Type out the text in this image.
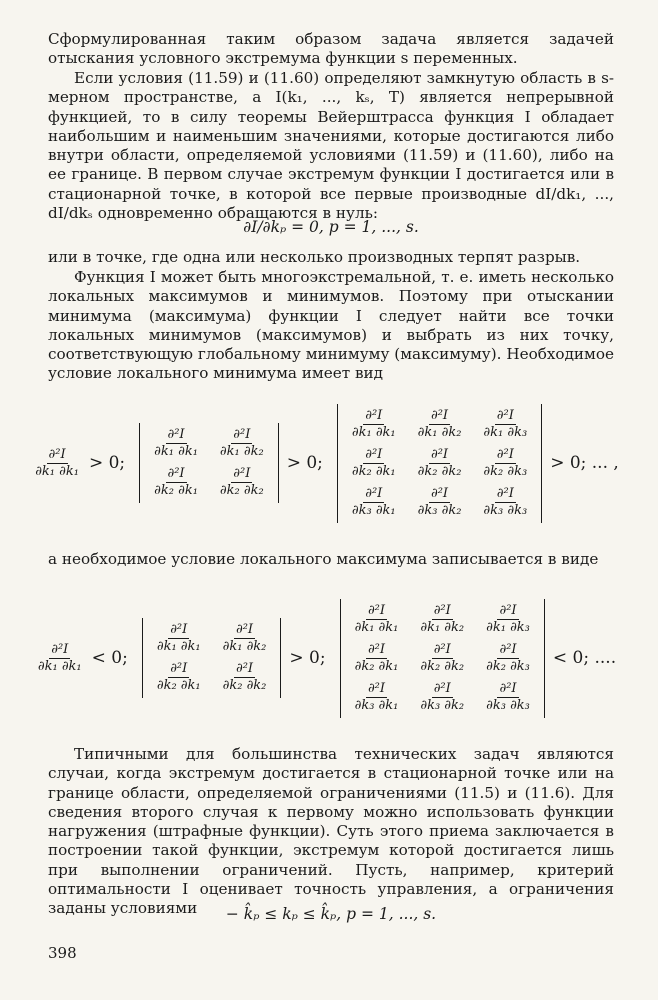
Сформулированная таким образом задача является задачей отыскания условного экстремума функции s переменных.

Если условия (11.59) и (11.60) определяют замкнутую область в s-мерном пространстве, а I(k₁, ..., kₛ, T) является непрерывной функцией, то в силу теоремы Вейерштрасса функция I обладает наибольшим и наименьшим значениями, которые достигаются либо внутри области, определяемой условиями (11.59) и (11.60), либо на ее границе. В первом случае экстремум функции I достигается или в стационарной точке, в которой все первые производные dI/dk₁, ..., dI/dkₛ одновременно обращаются в нуль:

∂I/∂kₚ = 0, p = 1, ..., s.

или в точке, где одна или несколько производных терпят разрыв.

Функция I может быть многоэкстремальной, т. е. иметь несколько локальных максимумов и минимумов. Поэтому при отыскании минимума (максимума) функции I следует найти все точки локальных минимумов (максимумов) и выбрать из них точку, соответствующую глобальному минимуму (максимуму). Необходимое условие локального минимума имеет вид

$\frac{\text{∂²I}}{\text{∂k₁ ∂k₁}} > 0$;
$\frac{\text{∂²I}}{\text{∂k₁ ∂k₁}} \frac{\text{∂²I}}{\text{∂k₁ ∂k₂}}$
$\frac{\text{∂²I}}{\text{∂k₂ ∂k₁}} \frac{\text{∂²I}}{\text{∂k₂ ∂k₂}}$
> 0;
$\frac{\text{∂²I}}{\text{∂k₁ ∂k₁}} \frac{\text{∂²I}}{\text{∂k₁ ∂k₂}} \frac{\text{∂²I}}{\text{∂k₁ ∂k₃}}$
$\frac{\text{∂²I}}{\text{∂k₂ ∂k₁}} \frac{\text{∂²I}}{\text{∂k₂ ∂k₂}} \frac{\text{∂²I}}{\text{∂k₂ ∂k₃}}$
$\frac{\text{∂²I}}{\text{∂k₃ ∂k₁}} \frac{\text{∂²I}}{\text{∂k₃ ∂k₂}} \frac{\text{∂²I}}{\text{∂k₃ ∂k₃}}$
> 0; ... ,

а необходимое условие локального максимума записывается в виде

$\frac{\text{∂²I}}{\text{∂k₁ ∂k₁}} < 0$;
$\frac{\text{∂²I}}{\text{∂k₁ ∂k₁}} \frac{\text{∂²I}}{\text{∂k₁ ∂k₂}}$
$\frac{\text{∂²I}}{\text{∂k₂ ∂k₁}} \frac{\text{∂²I}}{\text{∂k₂ ∂k₂}}$
> 0;
$\frac{\text{∂²I}}{\text{∂k₁ ∂k₁}} \frac{\text{∂²I}}{\text{∂k₁ ∂k₂}} \frac{\text{∂²I}}{\text{∂k₁ ∂k₃}}$
$\frac{\text{∂²I}}{\text{∂k₂ ∂k₁}} \frac{\text{∂²I}}{\text{∂k₂ ∂k₂}} \frac{\text{∂²I}}{\text{∂k₂ ∂k₃}}$
$\frac{\text{∂²I}}{\text{∂k₃ ∂k₁}} \frac{\text{∂²I}}{\text{∂k₃ ∂k₂}} \frac{\text{∂²I}}{\text{∂k₃ ∂k₃}}$
< 0; ....

Типичными для большинства технических задач являются случаи, когда экстремум достигается в стационарной точке или на границе области, определяемой ограничениями (11.5) и (11.6). Для сведения второго случая к первому можно использовать функции нагружения (штрафные функции). Суть этого приема заключается в построении такой функции, экстремум которой достигается лишь при выполнении ограничений. Пусть, например, критерий оптимальности I оценивает точность управления, а ограничения заданы условиями	− k̂ₚ ≤ kₚ ≤ k̂ₚ, p = 1, ..., s.
398
